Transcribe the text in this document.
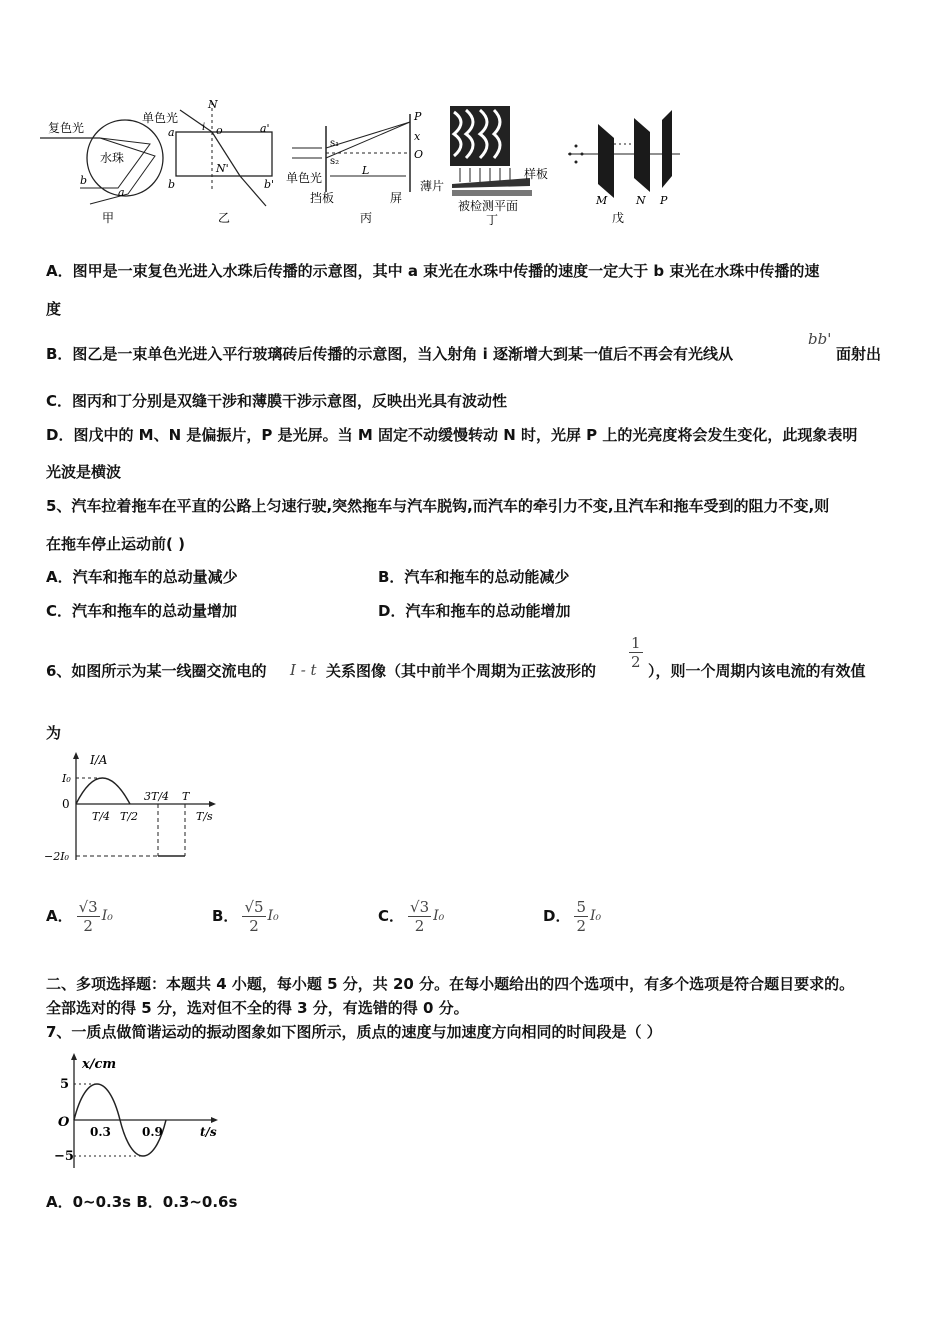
复色光
水珠
b
a
甲
单色光
N
o
i
a	a'
N'
b	b'
乙
s₁
s₂
P
x
O
L
单色光
挡板	屏
丙
薄片
样板
被检测平面
丁
M	N P
戊
A．图甲是一束复色光进入水珠后传播的示意图，其中 a 束光在水珠中传播的速度一定大于 b 束光在水珠中传播的速
度
B．图乙是一束单色光进入平行玻璃砖后传播的示意图，当入射角 i 逐渐增大到某一值后不再会有光线从
bb'
面射出
C．图丙和丁分别是双缝干涉和薄膜干涉示意图，反映出光具有波动性
D．图戊中的 M、N 是偏振片，P 是光屏。当 M 固定不动缓慢转动 N 时，光屏 P 上的光亮度将会发生变化，此现象表明
光波是横波
5、汽车拉着拖车在平直的公路上匀速行驶,突然拖车与汽车脱钩,而汽车的牵引力不变,且汽车和拖车受到的阻力不变,则
在拖车停止运动前( )
A．汽车和拖车的总动量减少	B．汽车和拖车的总动能减少
C．汽车和拖车的总动量增加	D．汽车和拖车的总动能增加
6、如图所示为某一线圈交流电的 I - t 关系图像（其中前半个周期为正弦波形的 $\frac{1}{2}$ ），则一个周期内该电流的有效值
为
I/A
I₀
0
−2I₀
T/4 T/2
3T/4 T
T/s
A． $\frac{√3}{2} I_0$	B． $\frac{√5}{2} I_0$	C． $\frac{√3}{2} I_0$	D． $\frac{5}{2} I_0$
二、多项选择题：本题共 4 小题，每小题 5 分，共 20 分。在每小题给出的四个选项中，有多个选项是符合题目要求的。
全部选对的得 5 分，选对但不全的得 3 分，有选错的得 0 分。
7、一质点做简谐运动的振动图象如下图所示，质点的速度与加速度方向相同的时间段是（ ）
x/cm
5
−5
O
0.3	0.9	t/s
A．0~0.3s B．0.3~0.6s
